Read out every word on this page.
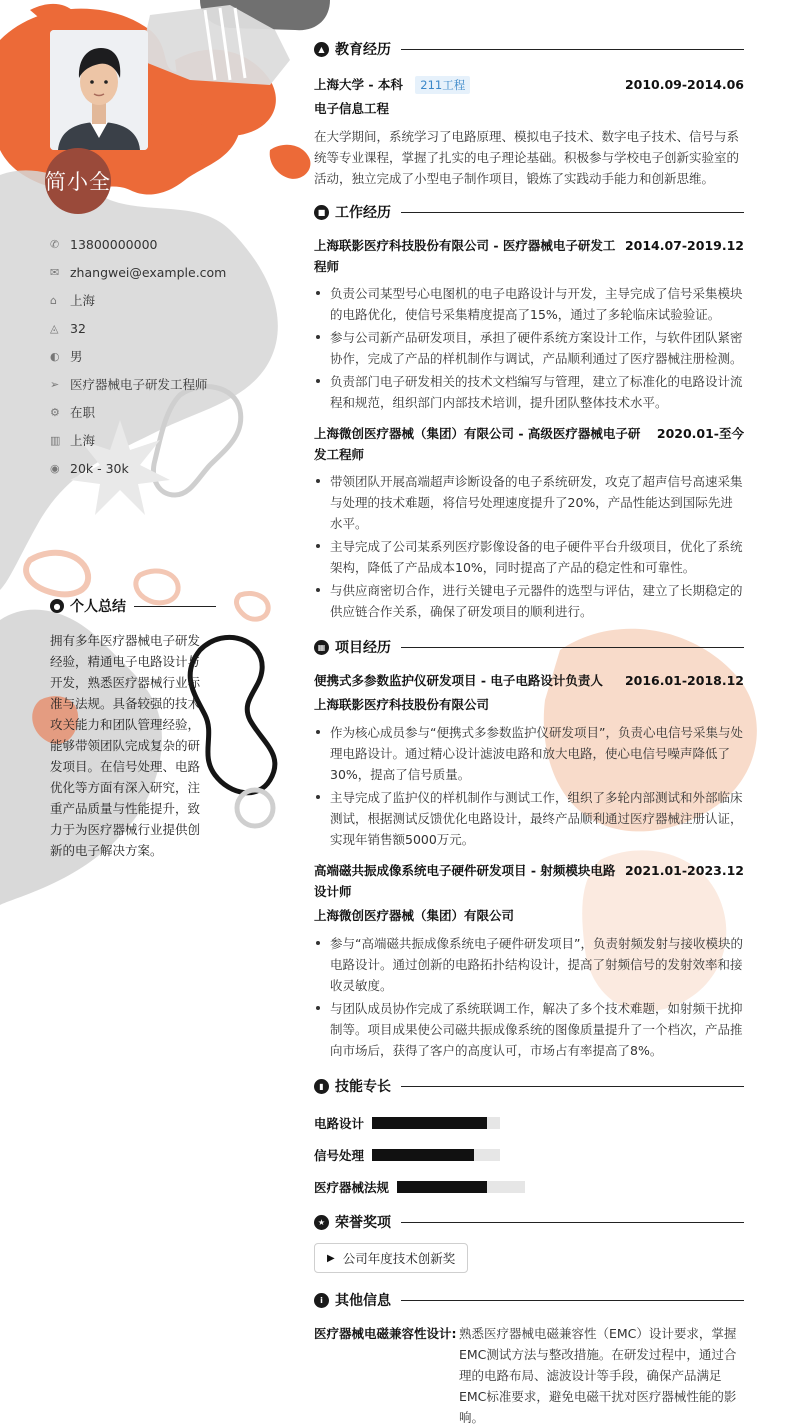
简小全
✆ 13800000000
✉ zhangwei@example.com
⌂	上海
◬ 32
◐ 男
➢ 医疗器械电子研发工程师
⚙ 在职
▥ 上海
◉ 20k - 30k
● 个人总结
拥有多年医疗器械电子研发经验，精通电子电路设计与开发，熟悉医疗器械行业标准与法规。具备较强的技术攻关能力和团队管理经验，能够带领团队完成复杂的研发项目。在信号处理、电路优化等方面有深入研究，注重产品质量与性能提升，致力于为医疗器械行业提供创新的电子解决方案。
▲ 教育经历
上海大学 - 本科 211工程	2010.09-2014.06
电子信息工程
在大学期间，系统学习了电路原理、模拟电子技术、数字电子技术、信号与系统等专业课程，掌握了扎实的电子理论基础。积极参与学校电子创新实验室的活动，独立完成了小型电子制作项目，锻炼了实践动手能力和创新思维。
■ 工作经历
上海联影医疗科技股份有限公司 - 医疗器械电子研发工程师
2014.07-2019.12
负责公司某型号心电图机的电子电路设计与开发，主导完成了信号采集模块的电路优化，使信号采集精度提高了15%，通过了多轮临床试验验证。
参与公司新产品研发项目，承担了硬件系统方案设计工作，与软件团队紧密协作，完成了产品的样机制作与调试，产品顺利通过了医疗器械注册检测。
负责部门电子研发相关的技术文档编写与管理，建立了标准化的电路设计流程和规范，组织部门内部技术培训，提升团队整体技术水平。
上海微创医疗器械（集团）有限公司 - 高级医疗器械电子研发工程师
2020.01-至今
带领团队开展高端超声诊断设备的电子系统研发，攻克了超声信号高速采集与处理的技术难题，将信号处理速度提升了20%，产品性能达到国际先进水平。
主导完成了公司某系列医疗影像设备的电子硬件平台升级项目，优化了系统架构，降低了产品成本10%，同时提高了产品的稳定性和可靠性。
与供应商密切合作，进行关键电子元器件的选型与评估，建立了长期稳定的供应链合作关系，确保了研发项目的顺利进行。
▦ 项目经历
便携式多参数监护仪研发项目 - 电子电路设计负责人 2016.01-2018.12
上海联影医疗科技股份有限公司
作为核心成员参与“便携式多参数监护仪研发项目”，负责心电信号采集与处理电路设计。通过精心设计滤波电路和放大电路，使心电信号噪声降低了30%，提高了信号质量。
主导完成了监护仪的样机制作与测试工作，组织了多轮内部测试和外部临床测试，根据测试反馈优化电路设计，最终产品顺利通过医疗器械注册认证，实现年销售额5000万元。
高端磁共振成像系统电子硬件研发项目 - 射频模块电路设计师
2021.01-2023.12
上海微创医疗器械（集团）有限公司
参与“高端磁共振成像系统电子硬件研发项目”，负责射频发射与接收模块的电路设计。通过创新的电路拓扑结构设计，提高了射频信号的发射效率和接收灵敏度。
与团队成员协作完成了系统联调工作，解决了多个技术难题，如射频干扰抑制等。项目成果使公司磁共振成像系统的图像质量提升了一个档次，产品推向市场后，获得了客户的高度认可，市场占有率提高了8%。
▮ 技能专长
电路设计
信号处理
医疗器械法规
★ 荣誉奖项
▶ 公司年度技术创新奖
i 其他信息
医疗器械电磁兼容性设计: 熟悉医疗器械电磁兼容性（EMC）设计要求，掌握EMC测试方法与整改措施。在研发过程中，通过合理的电路布局、滤波设计等手段，确保产品满足EMC标准要求，避免电磁干扰对医疗器械性能的影响。
